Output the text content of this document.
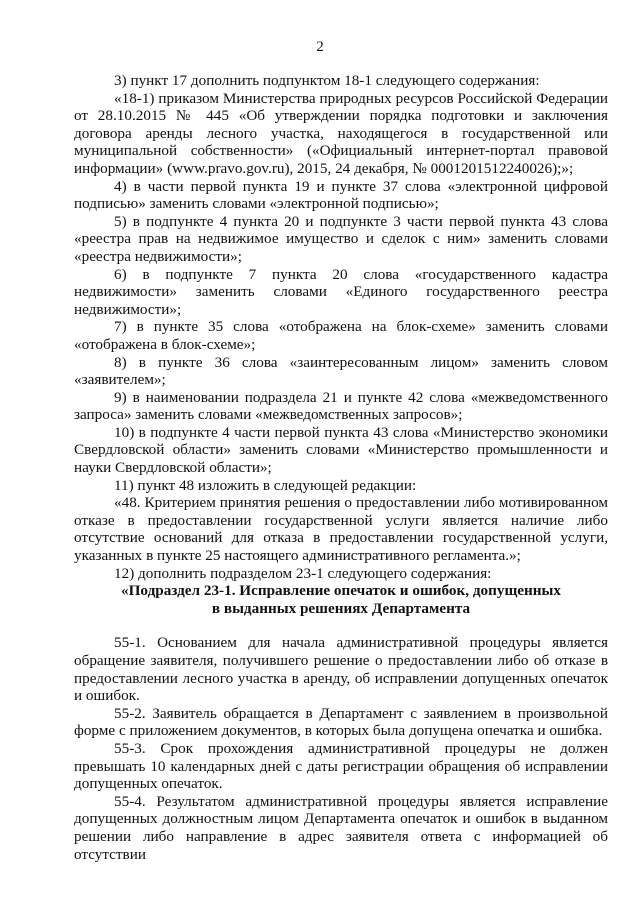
2

3) пункт 17 дополнить подпунктом 18-1 следующего содержания:

«18-1) приказом Министерства природных ресурсов Российской Федерации от 28.10.2015 № 445 «Об утверждении порядка подготовки и заключения договора аренды лесного участка, находящегося в государственной или муниципальной собственности» («Официальный интернет-портал правовой информации» (www.pravo.gov.ru), 2015, 24 декабря, № 0001201512240026);»;

4) в части первой пункта 19 и пункте 37 слова «электронной цифровой подписью» заменить словами «электронной подписью»;

5) в подпункте 4 пункта 20 и подпункте 3 части первой пункта 43 слова «реестра прав на недвижимое имущество и сделок с ним» заменить словами «реестра недвижимости»;

6) в подпункте 7 пункта 20 слова «государственного кадастра недвижимости» заменить словами «Единого государственного реестра недвижимости»;

7) в пункте 35 слова «отображена на блок-схеме» заменить словами «отображена в блок-схеме»;

8) в пункте 36 слова «заинтересованным лицом» заменить словом «заявителем»;

9) в наименовании подраздела 21 и пункте 42 слова «межведомственного запроса» заменить словами «межведомственных запросов»;

10) в подпункте 4 части первой пункта 43 слова «Министерство экономики Свердловской области» заменить словами «Министерство промышленности и науки Свердловской области»;

11) пункт 48 изложить в следующей редакции:

«48. Критерием принятия решения о предоставлении либо мотивированном отказе в предоставлении государственной услуги является наличие либо отсутствие оснований для отказа в предоставлении государственной услуги, указанных в пункте 25 настоящего административного регламента.»;

12) дополнить подразделом 23-1 следующего содержания:

«Подраздел 23-1. Исправление опечаток и ошибок, допущенных

в выданных решениях Департамента

55-1. Основанием для начала административной процедуры является обращение заявителя, получившего решение о предоставлении либо об отказе в предоставлении лесного участка в аренду, об исправлении допущенных опечаток и ошибок.

55-2. Заявитель обращается в Департамент с заявлением в произвольной форме с приложением документов, в которых была допущена опечатка и ошибка.

55-3. Срок прохождения административной процедуры не должен превышать 10 календарных дней с даты регистрации обращения об исправлении допущенных опечаток.

55-4. Результатом административной процедуры является исправление допущенных должностным лицом Департамента опечаток и ошибок в выданном решении либо направление в адрес заявителя ответа с информацией об отсутствии
